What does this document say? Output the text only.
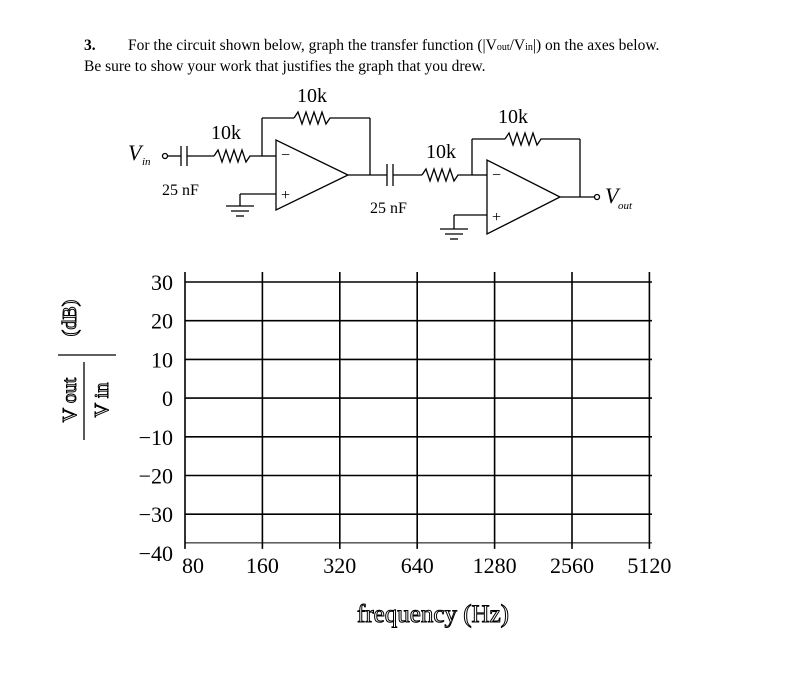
3. For the circuit shown below, graph the transfer function (|Vout/Vin|) on the axes below.
Be sure to show your work that justifies the graph that you drew.
V in
25 nF
10k
10k
−
+
25 nF
10k
10k
−
+
V out
30
20
10
0
−10
−20
−30
−40 80 160 320 640 1280 2560 5120
frequency (Hz)
V out V in
(dB)
